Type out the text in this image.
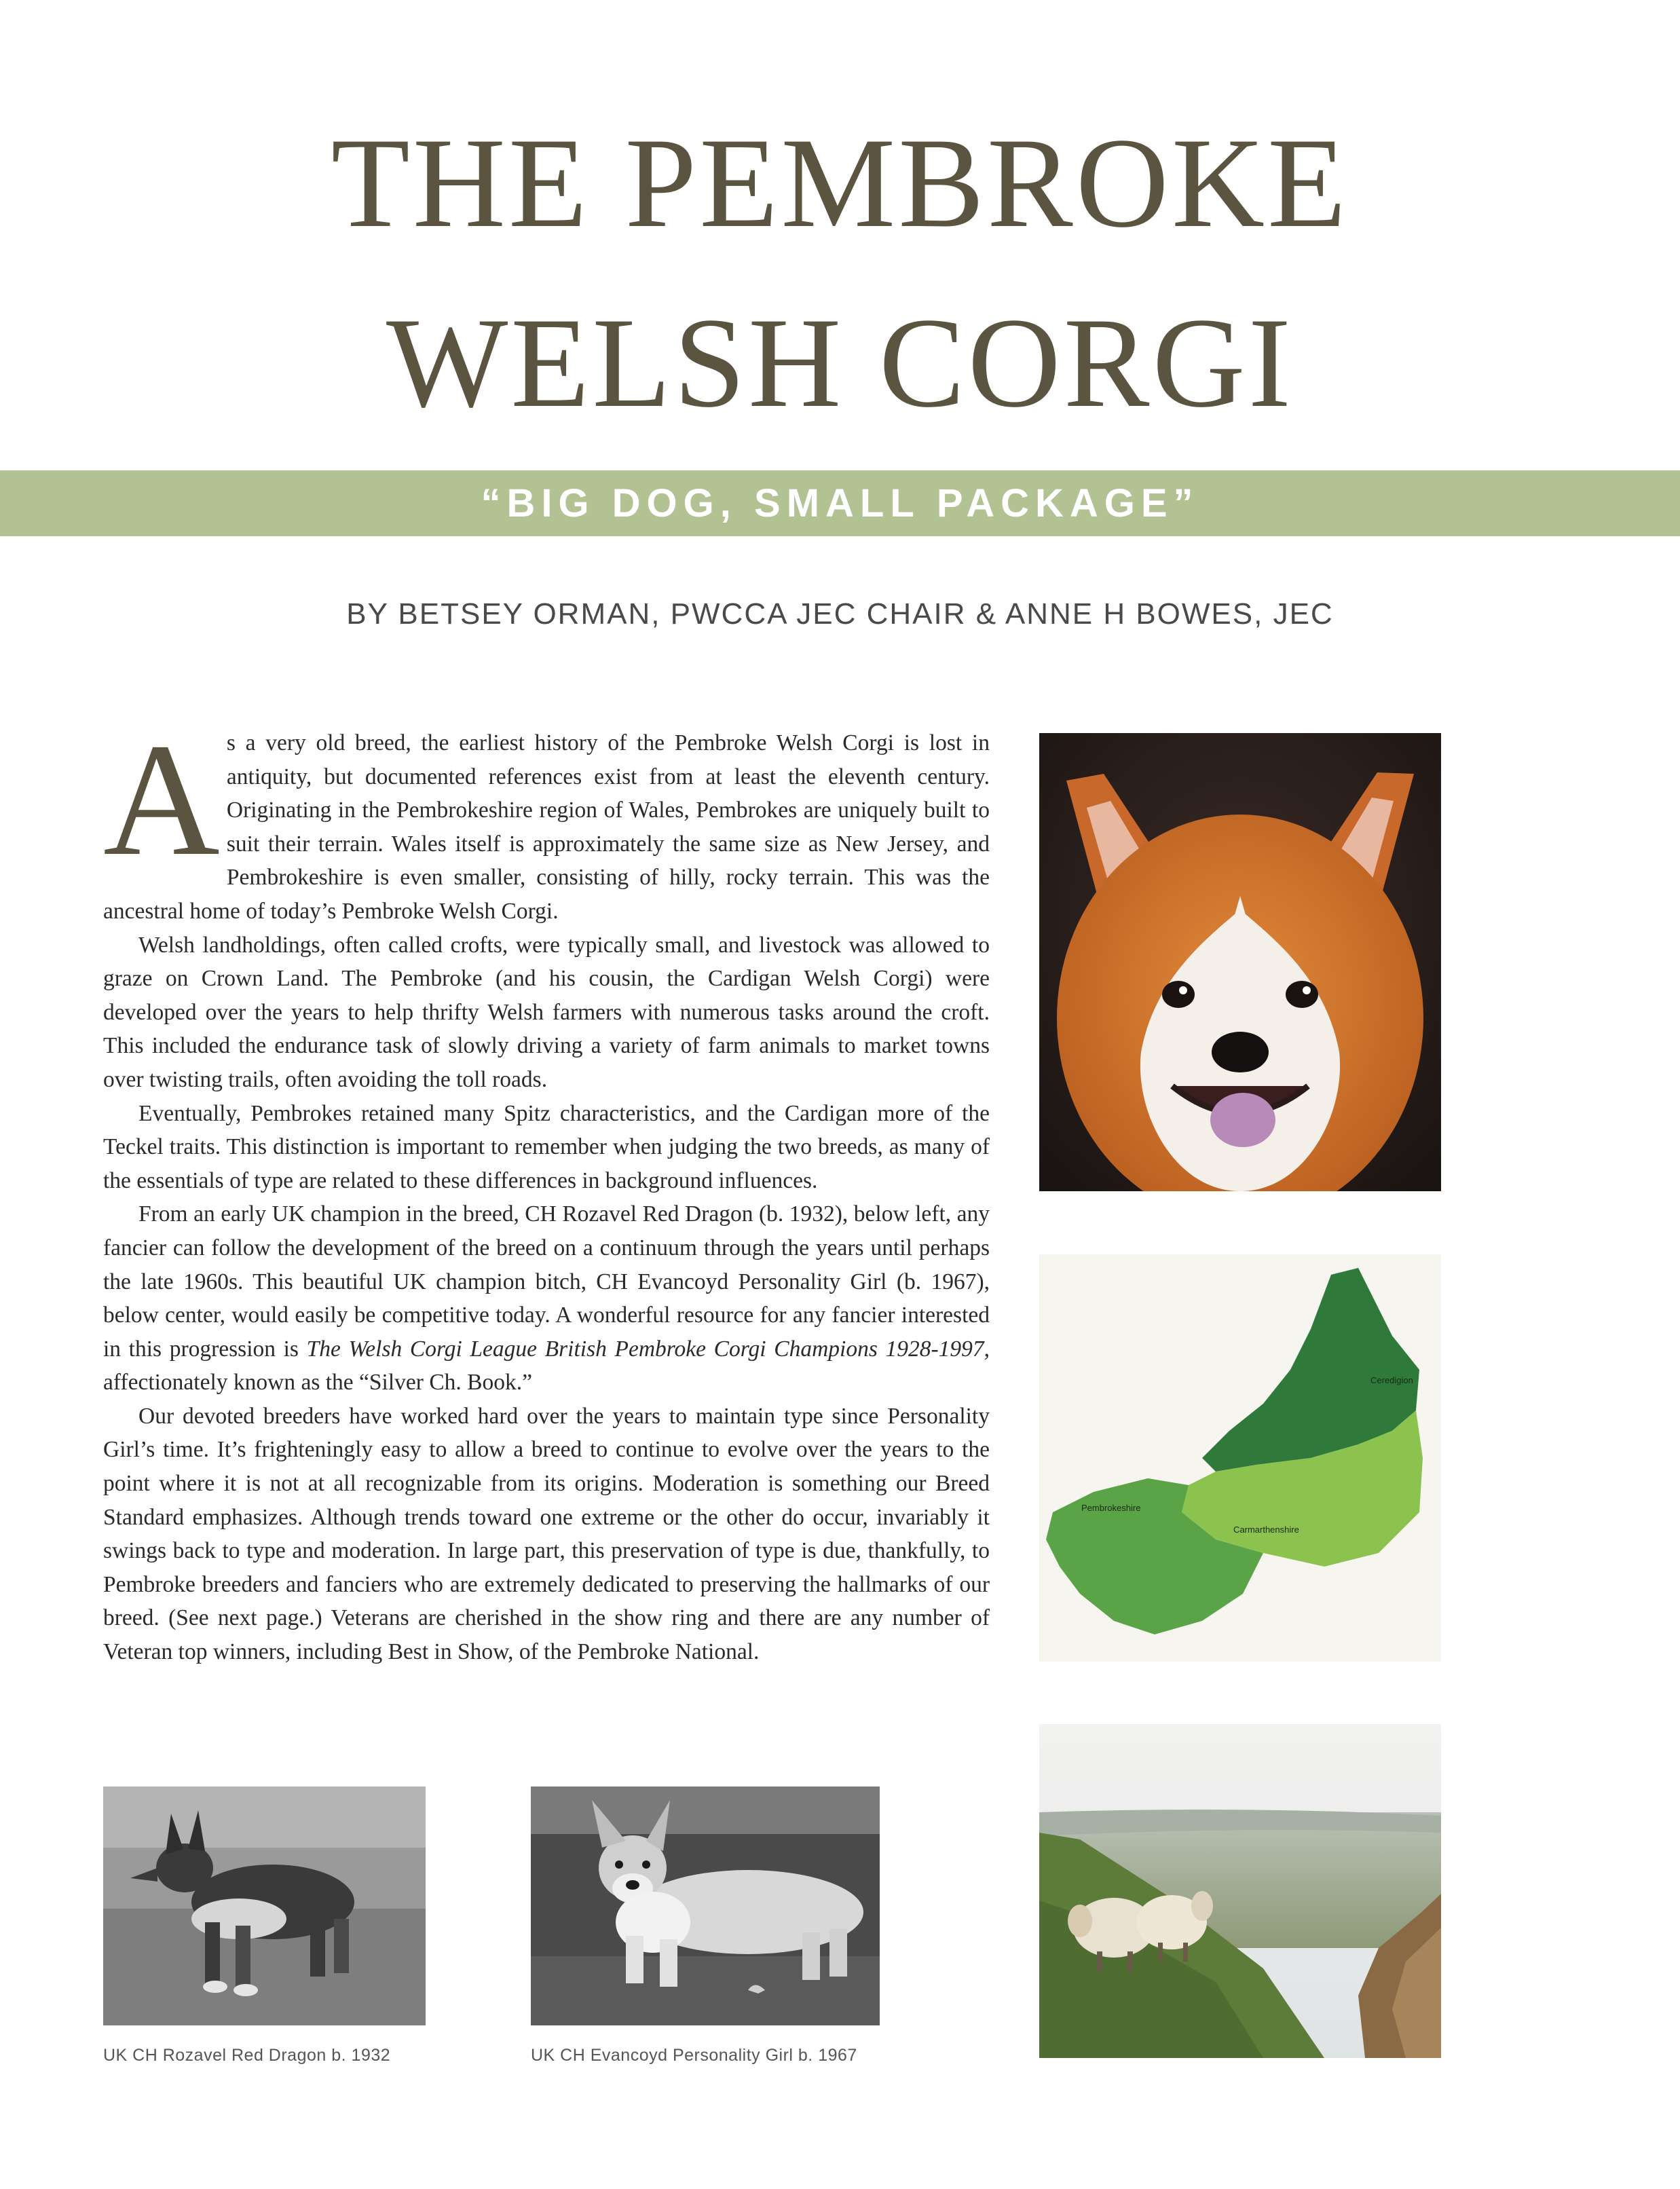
THE PEMBROKE
WELSH CORGI
“BIG DOG, SMALL PACKAGE”
BY BETSEY ORMAN, PWCCA JEC CHAIR & ANNE H BOWES, JEC

As a very old breed, the earliest history of the Pembroke Welsh Corgi is lost in antiquity, but documented references exist from at least the eleventh century. Originating in the Pembrokeshire region of Wales, Pembrokes are uniquely built to suit their terrain. Wales itself is approximately the same size as New Jersey, and Pembrokeshire is even smaller, consisting of hilly, rocky terrain. This was the ancestral home of today’s Pembroke Welsh Corgi.

Welsh landholdings, often called crofts, were typically small, and livestock was allowed to graze on Crown Land. The Pembroke (and his cousin, the Cardigan Welsh Corgi) were developed over the years to help thrifty Welsh farmers with numerous tasks around the croft. This included the endurance task of slowly driving a variety of farm animals to market towns over twisting trails, often avoiding the toll roads.

Eventually, Pembrokes retained many Spitz characteristics, and the Cardigan more of the Teckel traits. This distinction is important to remember when judging the two breeds, as many of the essentials of type are related to these differences in background influences.

From an early UK champion in the breed, CH Rozavel Red Dragon (b. 1932), below left, any fancier can follow the development of the breed on a continuum through the years until perhaps the late 1960s. This beautiful UK champion bitch, CH Evancoyd Personality Girl (b. 1967), below center, would easily be competitive today. A wonderful resource for any fancier interested in this progression is The Welsh Corgi League British Pembroke Corgi Champions 1928-1997, affectionately known as the “Silver Ch. Book.”

Our devoted breeders have worked hard over the years to maintain type since Personality Girl’s time. It’s frighteningly easy to allow a breed to continue to evolve over the years to the point where it is not at all recognizable from its origins. Moderation is something our Breed Standard emphasizes. Although trends toward one extreme or the other do occur, invariably it swings back to type and moderation. In large part, this preservation of type is due, thankfully, to Pembroke breeders and fanciers who are extremely dedicated to preserving the hallmarks of our breed. (See next page.) Veterans are cherished in the show ring and there are any number of Veteran top winners, including Best in Show, of the Pembroke National.

Ceredigion
Pembrokeshire
Carmarthenshire
UK CH Rozavel Red Dragon b. 1932	UK CH Evancoyd Personality Girl b. 1967
